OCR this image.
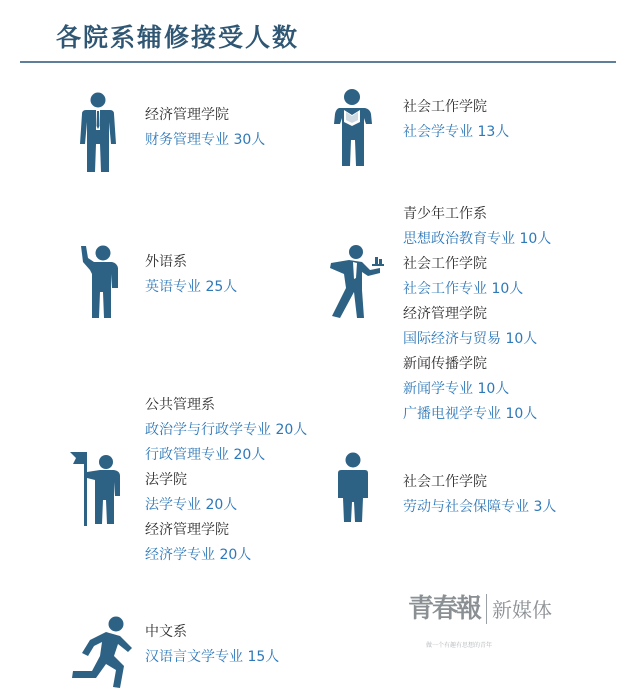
各院系辅修接受人数
经济管理学院
财务管理专业 30人
社会工作学院
社会学专业 13人
外语系
英语专业 25人
青少年工作系
思想政治教育专业 10人
社会工作学院
社会工作专业 10人
经济管理学院
国际经济与贸易 10人
新闻传播学院
新闻学专业 10人
广播电视学专业 10人
公共管理系
政治学与行政学专业 20人
行政管理专业 20人
法学院
法学专业 20人
经济管理学院
经济学专业 20人
社会工作学院
劳动与社会保障专业 3人
中文系
汉语言文学专业 15人
青春報 新媒体
做一个有趣有思想的青年
